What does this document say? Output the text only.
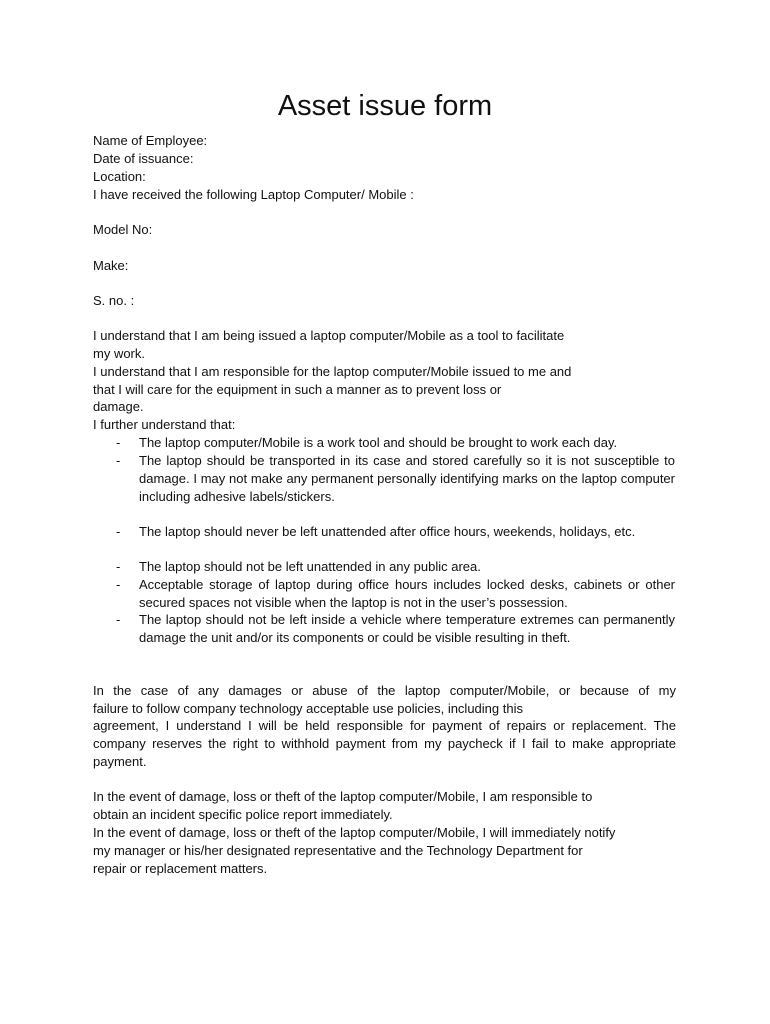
Asset issue form
Name of Employee:
Date of issuance:
Location:
I have received the following Laptop Computer/ Mobile :
Model No:
Make:
S. no. :
I understand that I am being issued a laptop computer/Mobile as a tool to facilitate
my work.
I understand that I am responsible for the laptop computer/Mobile issued to me and
that I will care for the equipment in such a manner as to prevent loss or
damage.
I further understand that:
- The laptop computer/Mobile is a work tool and should be brought to work each day.

- The laptop should be transported in its case and stored carefully so it is not susceptible to damage. I may not make any permanent personally identifying marks on the laptop computer including adhesive labels/stickers.

- The laptop should never be left unattended after office hours, weekends, holidays, etc.

- The laptop should not be left unattended in any public area.

- Acceptable storage of laptop during office hours includes locked desks, cabinets or other secured spaces not visible when the laptop is not in the user’s possession.

- The laptop should not be left inside a vehicle where temperature extremes can permanently damage the unit and/or its components or could be visible resulting in theft.

In the case of any damages or abuse of the laptop computer/Mobile, or because of my

failure to follow company technology acceptable use policies, including this

agreement, I understand I will be held responsible for payment of repairs or replacement. The company reserves the right to withhold payment from my paycheck if I fail to make appropriate payment.

In the event of damage, loss or theft of the laptop computer/Mobile, I am responsible to
obtain an incident specific police report immediately.
In the event of damage, loss or theft of the laptop computer/Mobile, I will immediately notify
my manager or his/her designated representative and the Technology Department for
repair or replacement matters.
